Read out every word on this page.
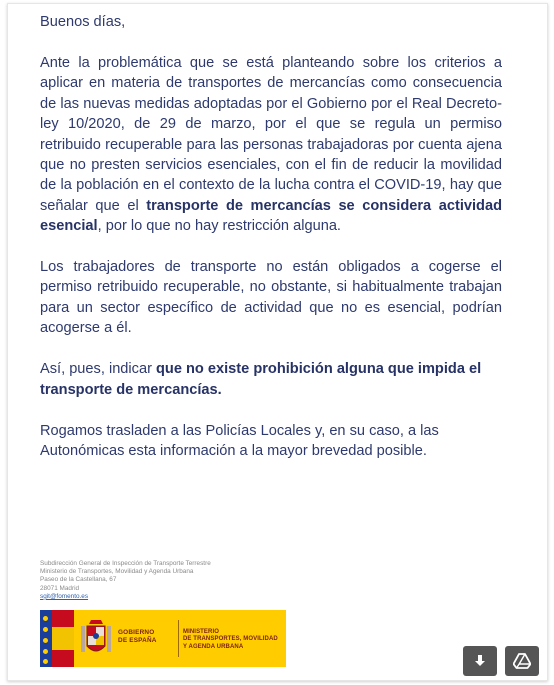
Buenos días,

Ante la problemática que se está planteando sobre los criterios a aplicar en materia de transportes de mercancías como consecuencia de las nuevas medidas adoptadas por el Gobierno por el Real Decreto-ley 10/2020, de 29 de marzo, por el que se regula un permiso retribuido recuperable para las personas trabajadoras por cuenta ajena que no presten servicios esenciales, con el fin de reducir la movilidad de la población en el contexto de la lucha contra el COVID-19, hay que señalar que el transporte de mercancías se considera actividad esencial, por lo que no hay restricción alguna.

Los trabajadores de transporte no están obligados a cogerse el permiso retribuido recuperable, no obstante, si habitualmente trabajan para un sector específico de actividad que no es esencial, podrían acogerse a él.

Así, pues, indicar que no existe prohibición alguna que impida el transporte de mercancías.

Rogamos trasladen a las Policías Locales y, en su caso, a las Autonómicas esta información a la mayor brevedad posible.

Subdirección General de Inspección de Transporte Terrestre
Ministerio de Transportes, Movilidad y Agenda Urbana
Paseo de la Castellana, 67
28071 Madrid
sgit@fomento.es
GOBIERNO
DE ESPAÑA
MINISTERIO
DE TRANSPORTES, MOVILIDAD
Y AGENDA URBANA
